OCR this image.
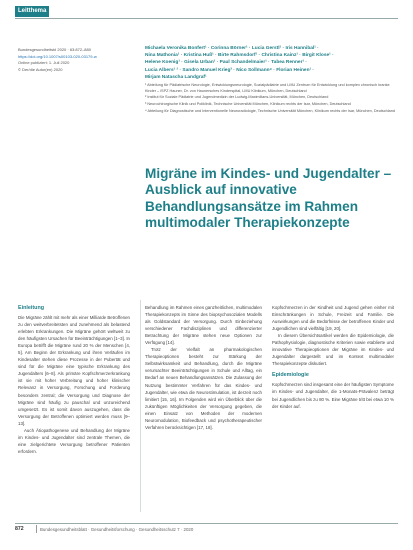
Leitthema
Bundesgesundheitsbl 2020 · 63:872–880
https://doi.org/10.1007/s00103-020-03179-w
Online publiziert: 1. Juli 2020
© Der/die Autor(en) 2020
Michaela Veronika Bonfert¹ · Corinna Börner¹ · Lucia Gerstl¹ · Iris Hannibal¹ ·
Nina Mathonia¹ · Kristina Huß¹ · Birte Rahmsdorf¹ · Christina Kainz¹ · Birgit Klose¹ ·
Helene Koenig¹ · Gisela Urban¹ · Paul Schandelmaier¹ · Tabea Renner¹ ·
Lucia Albers¹ ² · Sandro Manuel Krieg³ · Nico Sollmann⁴ · Florian Heinen¹ ·
Mirjam Natascha Landgraf¹
¹ Abteilung für Pädiatrische Neurologie, Entwicklungsneurologie, Sozialpädiatrie und LMU Zentrum für Entwicklung und komplex chronisch kranke Kinder – iSPZ Hauner, Dr. von Haunersches Kinderspital, LMU Klinikum, München, Deutschland
² Institut für Soziale Pädiatrie und Jugendmedizin der Ludwig-Maximilians-Universität, München, Deutschland
³ Neurochirurgische Klinik und Poliklinik, Technische Universität München, Klinikum rechts der Isar, München, Deutschland
⁴ Abteilung für Diagnostische und Interventionelle Neuroradiologie, Technische Universität München, Klinikum rechts der Isar, München, Deutschland
Migräne im Kindes- und Jugendalter – Ausblick auf innovative Behandlungsansätze im Rahmen multimodaler Therapiekonzepte
Einleitung

Die Migräne zählt mit mehr als einer Milliarde Betroffenen zu den weitverbreitetsten und zunehmend als belastend erlebten Erkrankungen. Die Migräne gehört weltweit zu den häufigsten Ursachen für Beeinträchtigungen [1–3]. In Europa betrifft die Migräne rund 20 % der Menschen [4, 5]. Am Beginn der Erkrankung und ihren Verläufen im Kindesalter stehen diese Prozesse in der Pubertät und sind für die Migräne eine typische Erkrankung des Jugendalters [6–8]. Als primäre Kopfschmerzerkrankung ist sie mit hoher Verbreitung und hoher klinischer Relevanz in Versorgung, Forschung und Forderung besonders zentral; die Versorgung und Diagnose der Migräne sind häufig zu pauschal und unzureichend umgesetzt. Es ist somit davon auszugehen, dass die Versorgung der Betroffenen optimiert werden muss [9–13].

Auch Ätiopathogenese und Behandlung der Migräne im Kindes- und Jugendalter sind zentrale Themen, die eine zielgerichtete Versorgung betroffener Patienten erfordern.

Behandlung im Rahmen eines ganzheitlichen, multimodalen Therapiekonzepts im Sinne des biopsychosozialen Modells als Goldstandard der Versorgung. Durch Einbeziehung verschiedener Fachdisziplinen und differenzierter Betrachtung der Migräne stehen neue Optionen zur Verfügung [14].

Trotz der Vielfalt an pharmakologischen Therapieoptionen besteht zur Stärkung der Selbstwirksamkeit und Behandlung, durch die Migräne verursachter Beeinträchtigungen in Schule und Alltag, ein Bedarf an neuen Behandlungsansätzen. Die Zulassung der Nutzung bestimmter Verfahren für das Kindes- und Jugendalter, wie etwa die Neurostimulation, ist derzeit noch limitiert [15, 16]. Im Folgenden wird ein Überblick über die zukünftigen Möglichkeiten der Versorgung gegeben, die einen Einsatz von Methoden der modernen Neuromodulation, Biofeedback und psychotherapeutischer Verfahren berücksichtigen [17, 18].

Kopfschmerzen in der Kindheit und Jugend gehen einher mit Einschränkungen in Schule, Freizeit und Familie. Die Auswirkungen und die Bedürfnisse der betroffenen Kinder und Jugendlichen sind vielfältig [19, 20].

In diesem Übersichtsartikel werden die Epidemiologie, die Pathophysiologie, diagnostische Kriterien sowie etablierte und innovative Therapieoptionen der Migräne im Kindes- und Jugendalter dargestellt und im Kontext multimodaler Therapiekonzepte diskutiert.

Epidemiologie

Kopfschmerzen sind insgesamt eine der häufigsten Symptome im Kindes- und Jugendalter, die 1-Monats-Prävalenz beträgt bei Jugendlichen bis zu 80 %. Eine Migräne tritt bei etwa 10 % der Kinder auf.

872	Bundesgesundheitsblatt · Gesundheitsforschung · Gesundheitsschutz 7 · 2020
